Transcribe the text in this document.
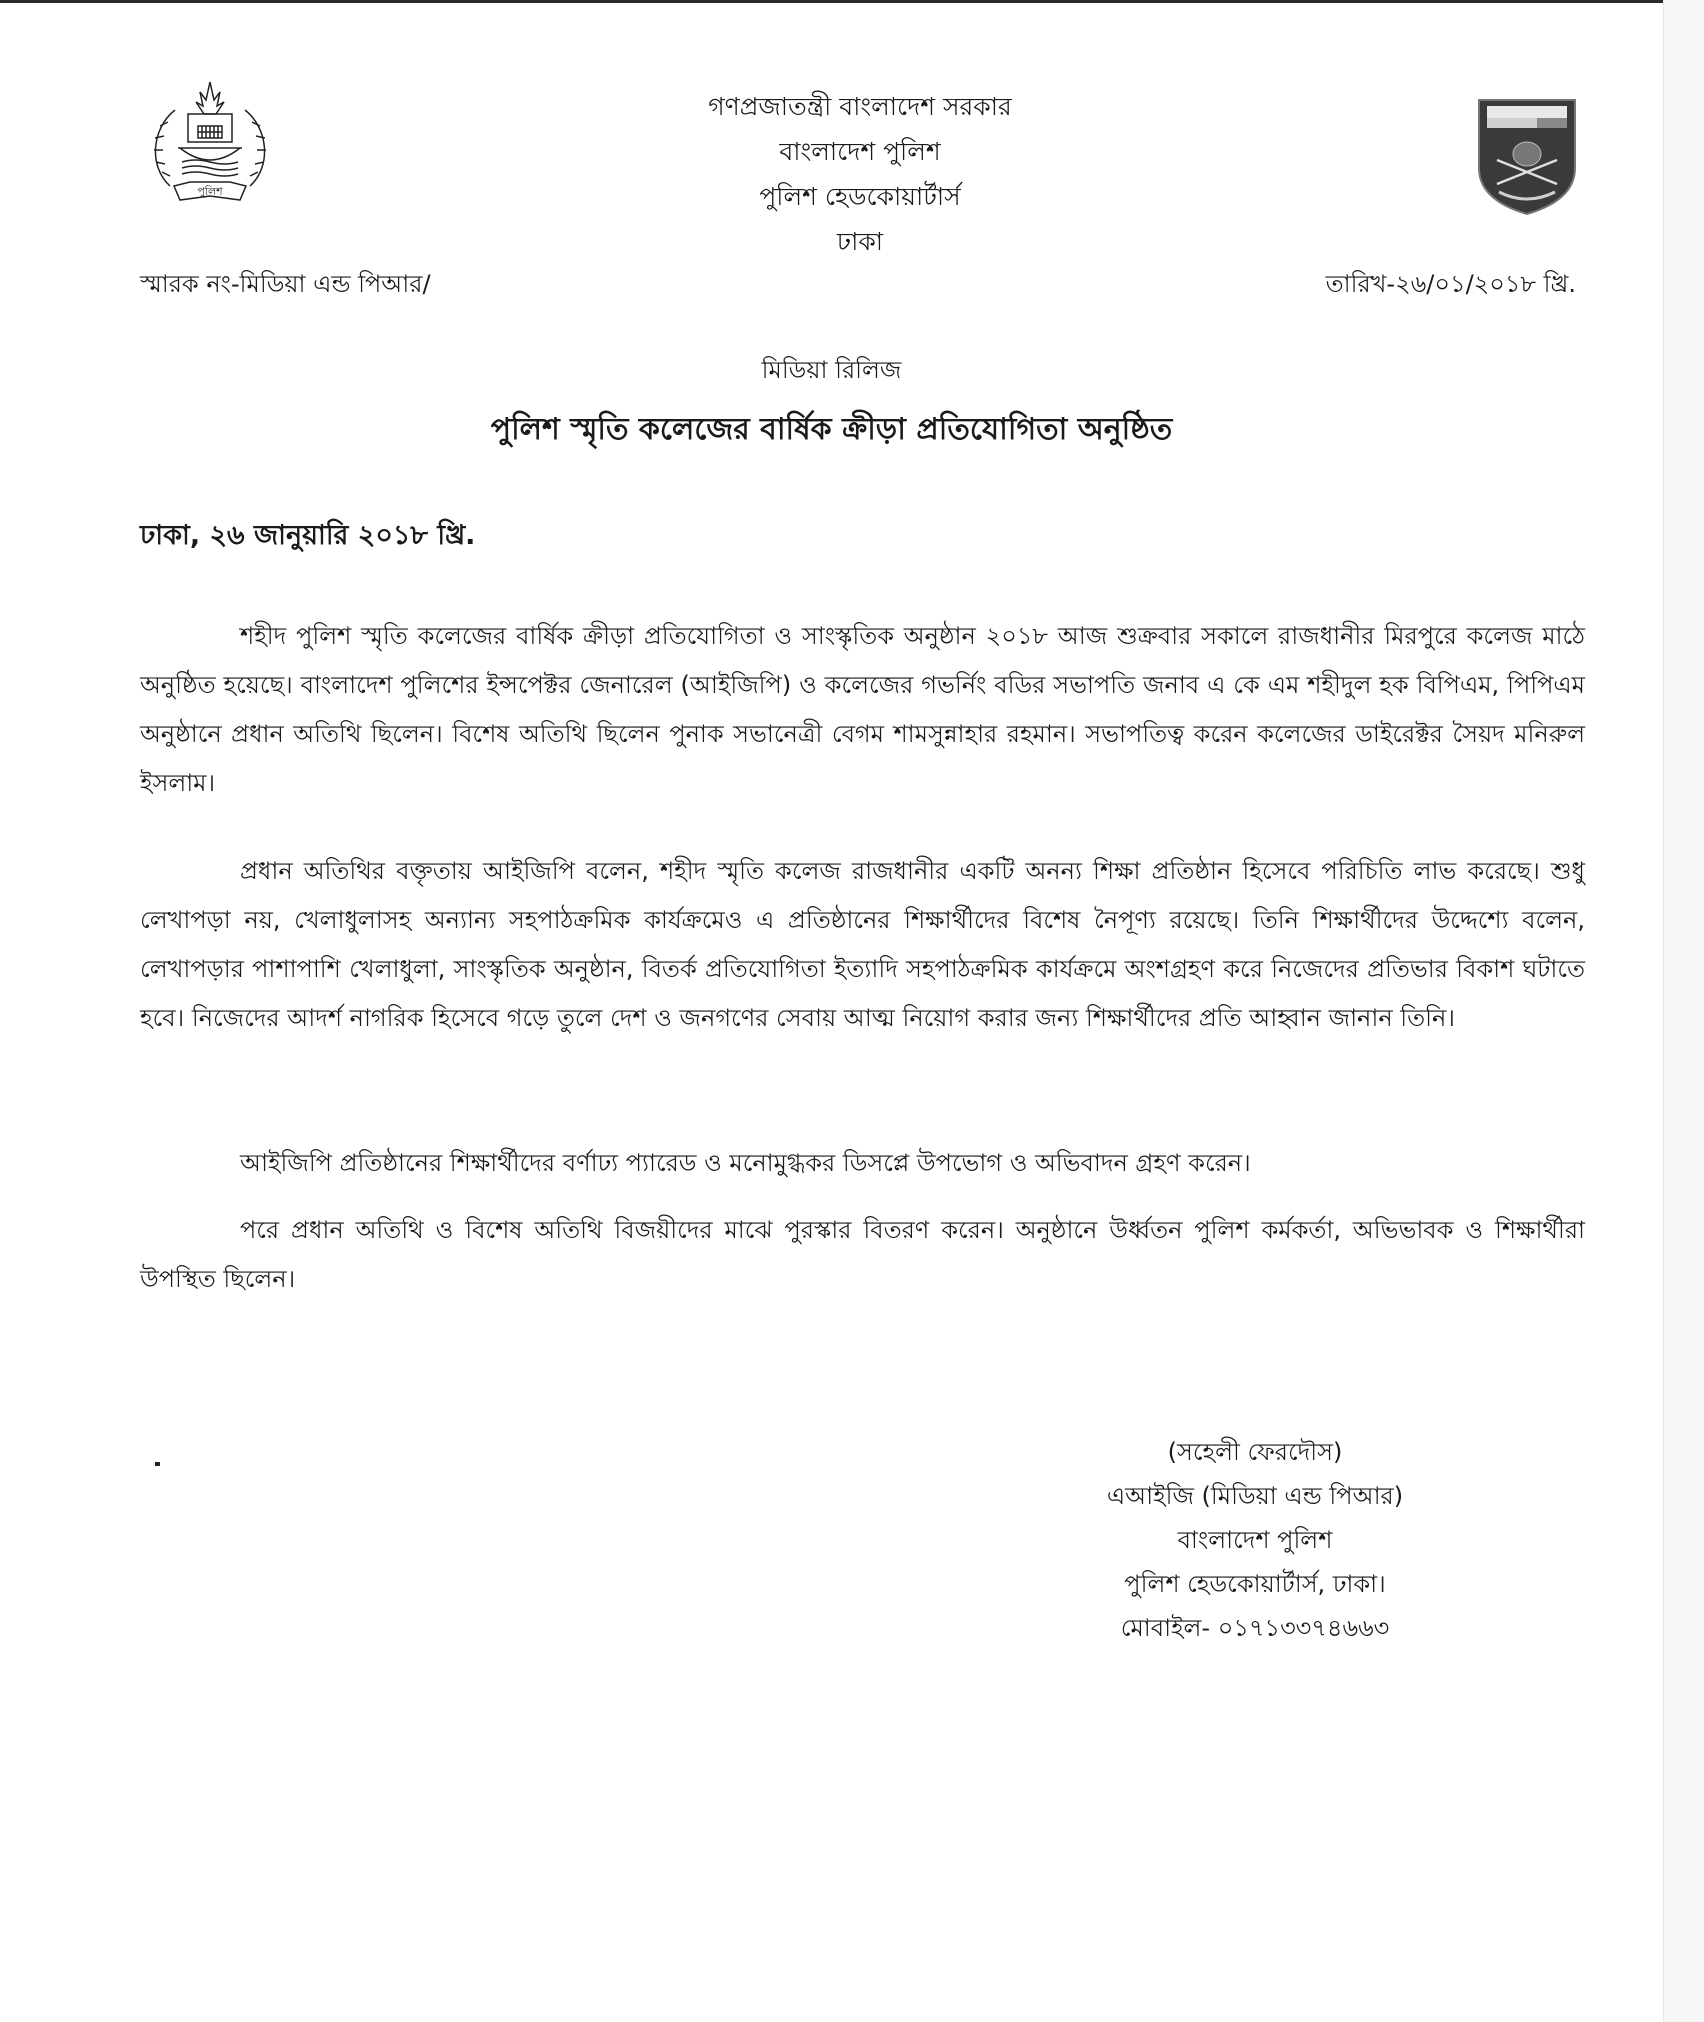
পুলিশ
গণপ্রজাতন্ত্রী বাংলাদেশ সরকার
বাংলাদেশ পুলিশ
পুলিশ হেডকোয়ার্টার্স
ঢাকা
স্মারক নং-মিডিয়া এন্ড পিআর/	তারিখ-২৬/০১/২০১৮ খ্রি.
মিডিয়া রিলিজ
পুলিশ স্মৃতি কলেজের বার্ষিক ক্রীড়া প্রতিযোগিতা অনুষ্ঠিত
ঢাকা, ২৬ জানুয়ারি ২০১৮ খ্রি.

শহীদ পুলিশ স্মৃতি কলেজের বার্ষিক ক্রীড়া প্রতিযোগিতা ও সাংস্কৃতিক অনুষ্ঠান ২০১৮ আজ শুক্রবার সকালে রাজধানীর মিরপুরে কলেজ মাঠে অনুষ্ঠিত হয়েছে। বাংলাদেশ পুলিশের ইন্সপেক্টর জেনারেল (আইজিপি) ও কলেজের গভর্নিং বডির সভাপতি জনাব এ কে এম শহীদুল হক বিপিএম, পিপিএম অনুষ্ঠানে প্রধান অতিথি ছিলেন। বিশেষ অতিথি ছিলেন পুনাক সভানেত্রী বেগম শামসুন্নাহার রহমান। সভাপতিত্ব করেন কলেজের ডাইরেক্টর সৈয়দ মনিরুল ইসলাম।

প্রধান অতিথির বক্তৃতায় আইজিপি বলেন, শহীদ স্মৃতি কলেজ রাজধানীর একটি অনন্য শিক্ষা প্রতিষ্ঠান হিসেবে পরিচিতি লাভ করেছে। শুধু লেখাপড়া নয়, খেলাধুলাসহ অন্যান্য সহপাঠক্রমিক কার্যক্রমেও এ প্রতিষ্ঠানের শিক্ষার্থীদের বিশেষ নৈপূণ্য রয়েছে। তিনি শিক্ষার্থীদের উদ্দেশ্যে বলেন, লেখাপড়ার পাশাপাশি খেলাধুলা, সাংস্কৃতিক অনুষ্ঠান, বিতর্ক প্রতিযোগিতা ইত্যাদি সহপাঠক্রমিক কার্যক্রমে অংশগ্রহণ করে নিজেদের প্রতিভার বিকাশ ঘটাতে হবে। নিজেদের আদর্শ নাগরিক হিসেবে গড়ে তুলে দেশ ও জনগণের সেবায় আত্ম নিয়োগ করার জন্য শিক্ষার্থীদের প্রতি আহ্বান জানান তিনি।

আইজিপি প্রতিষ্ঠানের শিক্ষার্থীদের বর্ণাঢ্য প্যারেড ও মনোমুগ্ধকর ডিসপ্লে উপভোগ ও অভিবাদন গ্রহণ করেন।

পরে প্রধান অতিথি ও বিশেষ অতিথি বিজয়ীদের মাঝে পুরস্কার বিতরণ করেন। অনুষ্ঠানে উর্ধ্বতন পুলিশ কর্মকর্তা, অভিভাবক ও শিক্ষার্থীরা উপস্থিত ছিলেন।

(সহেলী ফেরদৌস)
এআইজি (মিডিয়া এন্ড পিআর)
বাংলাদেশ পুলিশ
পুলিশ হেডকোয়ার্টার্স, ঢাকা।
মোবাইল- ০১৭১৩৩৭৪৬৬৩
